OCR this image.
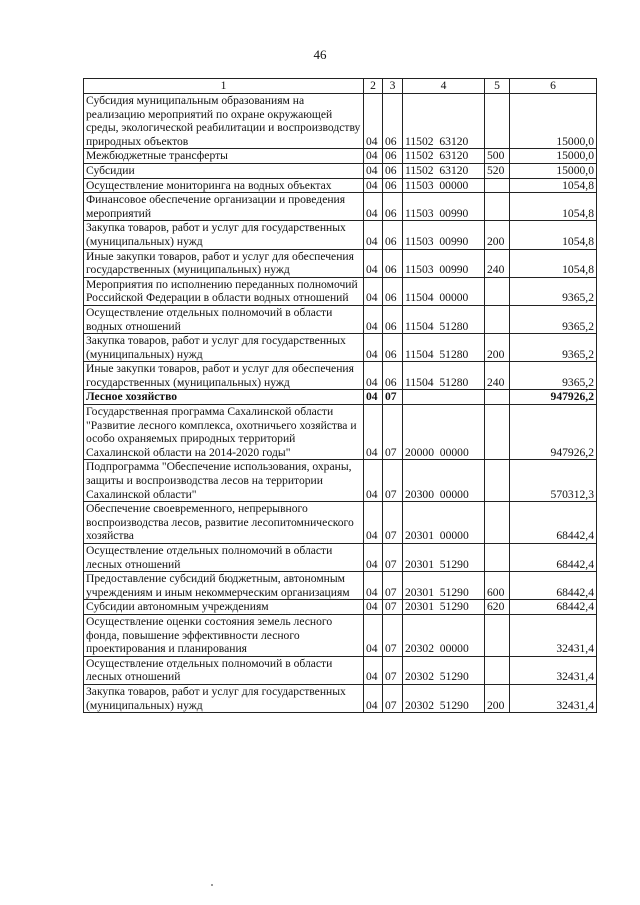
46
1	2	3	4	5	6
Субсидия муниципальным образованиям на реализацию мероприятий по охране окружающей среды, экологической реабилитации и воспроизводству природных объектов	04	06	11502  63120		15000,0
Межбюджетные трансферты	04	06	11502  63120	500	15000,0
Субсидии	04	06	11502  63120	520	15000,0
Осуществление мониторинга на водных объектах	04	06	11503  00000		1054,8
Финансовое обеспечение организации и проведения мероприятий	04	06	11503  00990		1054,8
Закупка товаров, работ и услуг для государственных (муниципальных) нужд	04	06	11503  00990	200	1054,8
Иные закупки товаров, работ и услуг для обеспечения государственных (муниципальных) нужд	04	06	11503  00990	240	1054,8
Мероприятия по исполнению переданных полномочий Российской Федерации в области водных отношений	04	06	11504  00000		9365,2
Осуществление отдельных полномочий в области водных отношений	04	06	11504  51280		9365,2
Закупка товаров, работ и услуг для государственных (муниципальных) нужд	04	06	11504  51280	200	9365,2
Иные закупки товаров, работ и услуг для обеспечения государственных (муниципальных) нужд	04	06	11504  51280	240	9365,2
Лесное хозяйство	04	07			947926,2
Государственная программа Сахалинской области "Развитие лесного комплекса, охотничьего хозяйства и особо охраняемых природных территорий Сахалинской области на 2014-2020 годы"	04	07	20000  00000		947926,2
Подпрограмма "Обеспечение использования, охраны, защиты и воспроизводства лесов на территории Сахалинской области"	04	07	20300  00000		570312,3
Обеспечение своевременного, непрерывного воспроизводства лесов, развитие лесопитомнического хозяйства	04	07	20301  00000		68442,4
Осуществление отдельных полномочий в области лесных отношений	04	07	20301  51290		68442,4
Предоставление субсидий бюджетным, автономным учреждениям и иным некоммерческим организациям	04	07	20301  51290	600	68442,4
Субсидии автономным учреждениям	04	07	20301  51290	620	68442,4
Осуществление оценки состояния земель лесного фонда, повышение эффективности лесного проектирования и планирования	04	07	20302  00000		32431,4
Осуществление отдельных полномочий в области лесных отношений	04	07	20302  51290		32431,4
Закупка товаров, работ и услуг для государственных (муниципальных) нужд	04	07	20302  51290	200	32431,4
